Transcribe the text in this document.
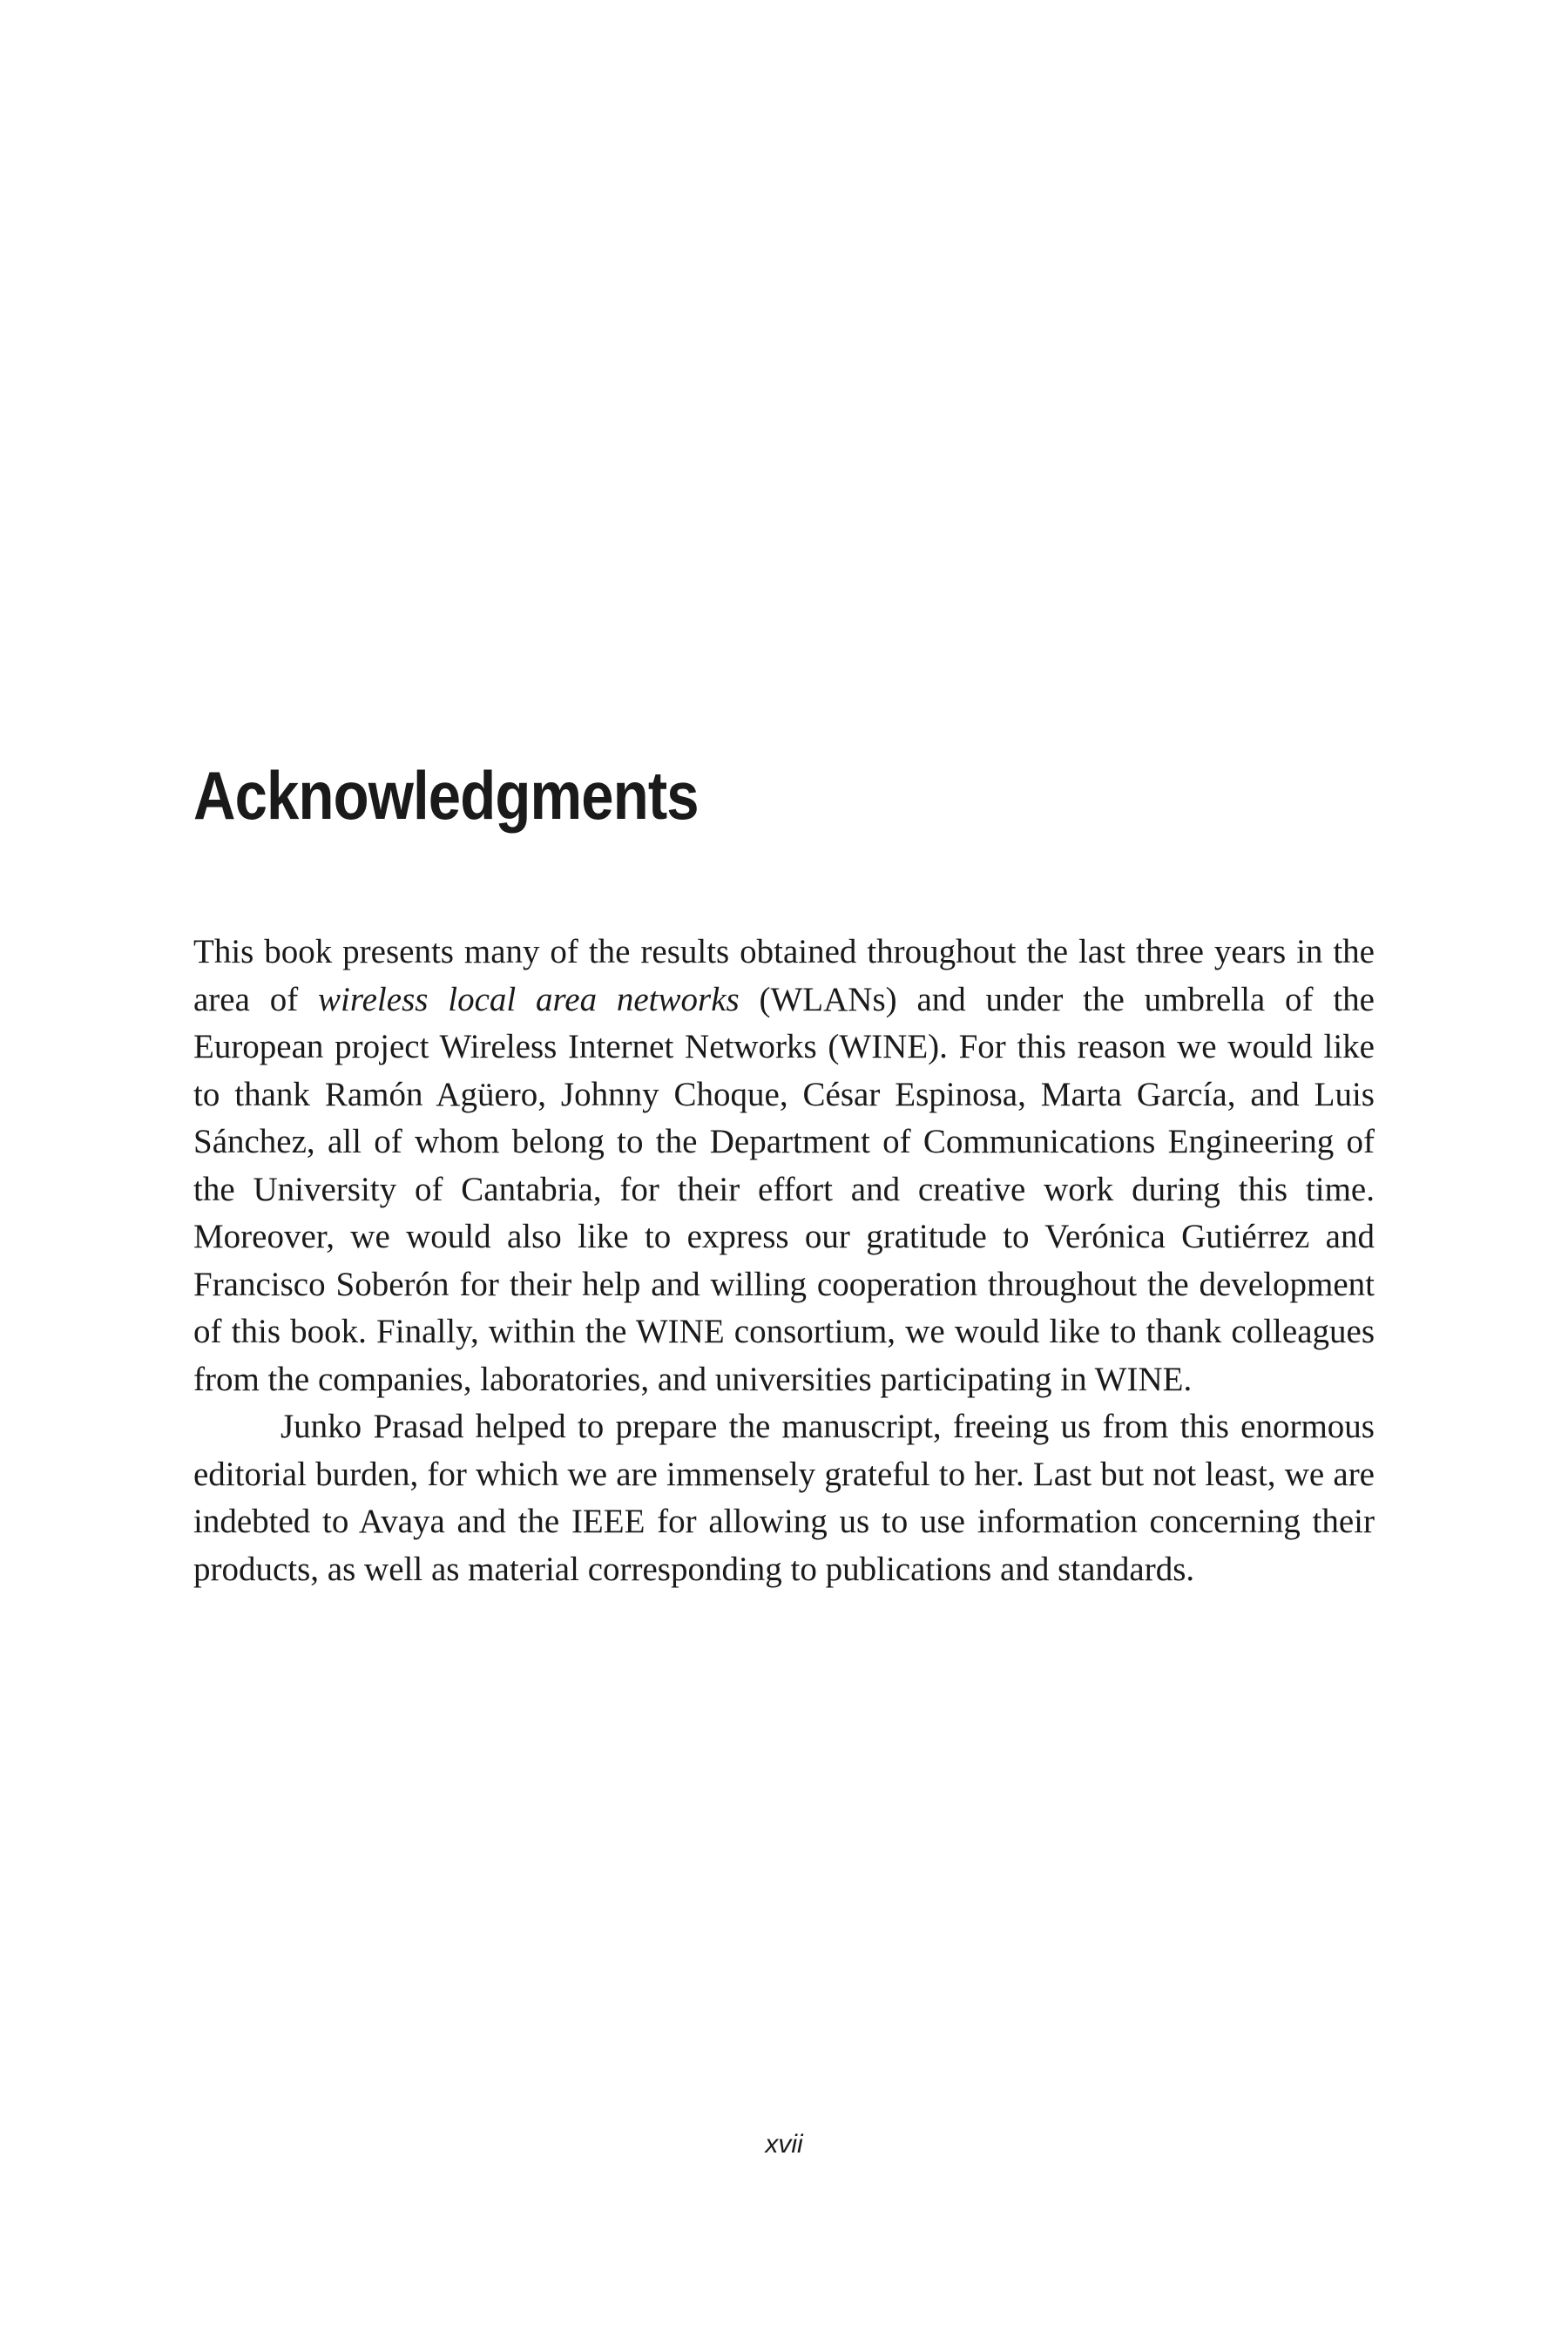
Acknowledgments

This book presents many of the results obtained throughout the last three years in the area of wireless local area networks (WLANs) and under the umbrella of the European project Wireless Internet Networks (WINE). For this reason we would like to thank Ramón Agüero, Johnny Choque, César Espinosa, Marta García, and Luis Sánchez, all of whom belong to the Department of Communications Engineering of the University of Cantabria, for their effort and creative work during this time. Moreover, we would also like to express our gratitude to Verónica Gutiérrez and Francisco Soberón for their help and willing cooperation throughout the development of this book. Finally, within the WINE consortium, we would like to thank colleagues from the companies, laboratories, and universities participating in WINE.

Junko Prasad helped to prepare the manuscript, freeing us from this enormous editorial burden, for which we are immensely grateful to her. Last but not least, we are indebted to Avaya and the IEEE for allowing us to use information concerning their products, as well as material corresponding to publications and standards.

xvii
